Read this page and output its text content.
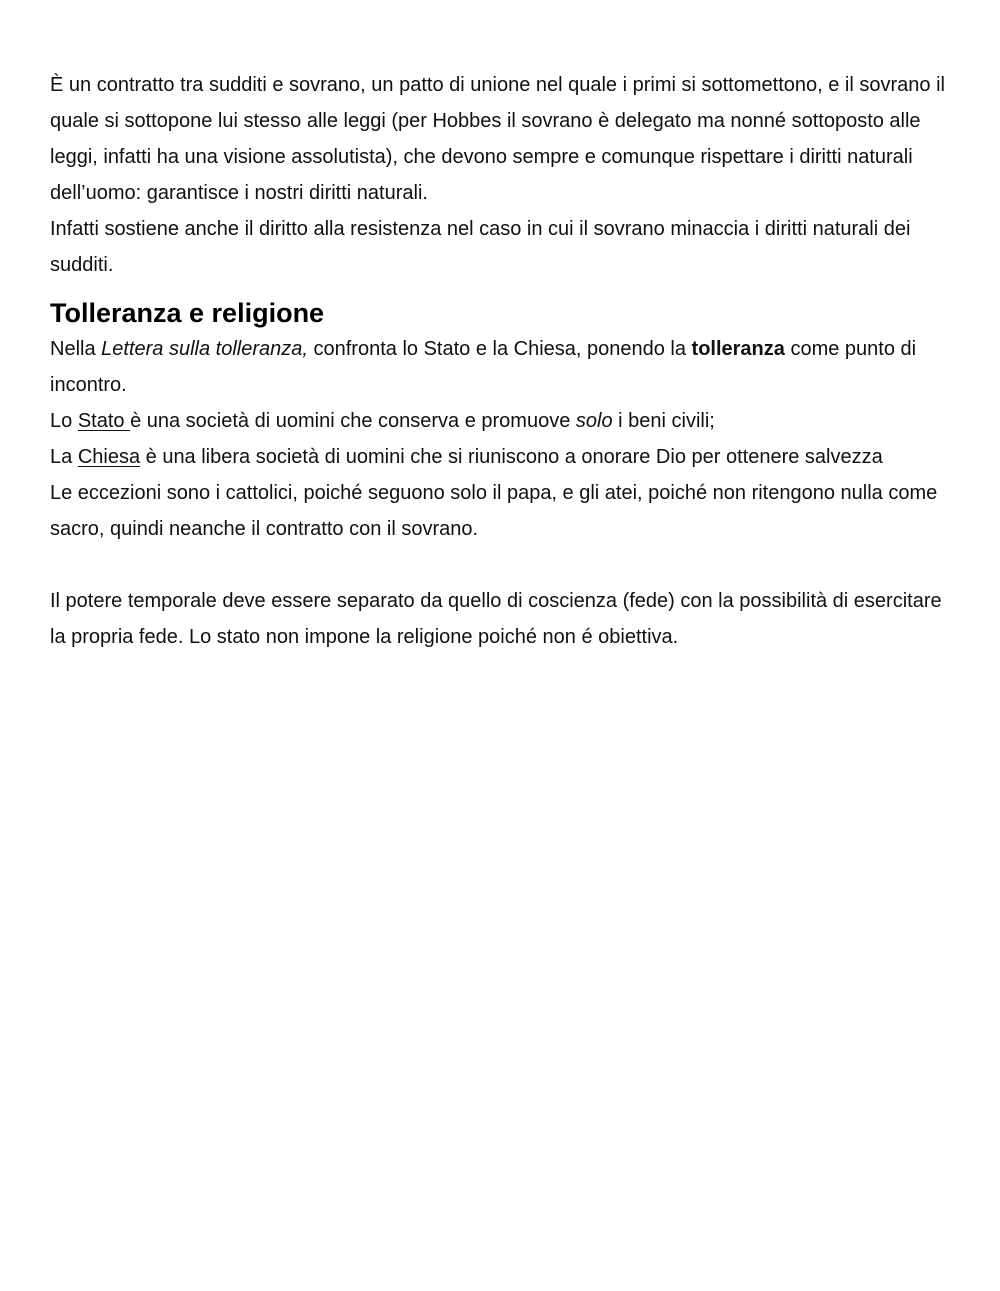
È un contratto tra sudditi e sovrano, un patto di unione nel quale i primi si sottomettono, e il sovrano il quale si sottopone lui stesso alle leggi (per Hobbes il sovrano è delegato ma nonné sottoposto alle leggi, infatti ha una visione assolutista), che devono sempre e comunque rispettare i diritti naturali dell’uomo: garantisce i nostri diritti naturali.

Infatti sostiene anche il diritto alla resistenza nel caso in cui il sovrano minaccia i diritti naturali dei sudditi.

Tolleranza e religione

Nella Lettera sulla tolleranza, confronta lo Stato e la Chiesa, ponendo la tolleranza come punto di incontro.

Lo Stato è una società di uomini che conserva e promuove solo i beni civili;

La Chiesa è una libera società di uomini che si riuniscono a onorare Dio per ottenere salvezza

Le eccezioni sono i cattolici, poiché seguono solo il papa, e gli atei, poiché non ritengono nulla come sacro, quindi neanche il contratto con il sovrano.

Il potere temporale deve essere separato da quello di coscienza (fede) con la possibilità di esercitare la propria fede. Lo stato non impone la religione poiché non é obiettiva.
